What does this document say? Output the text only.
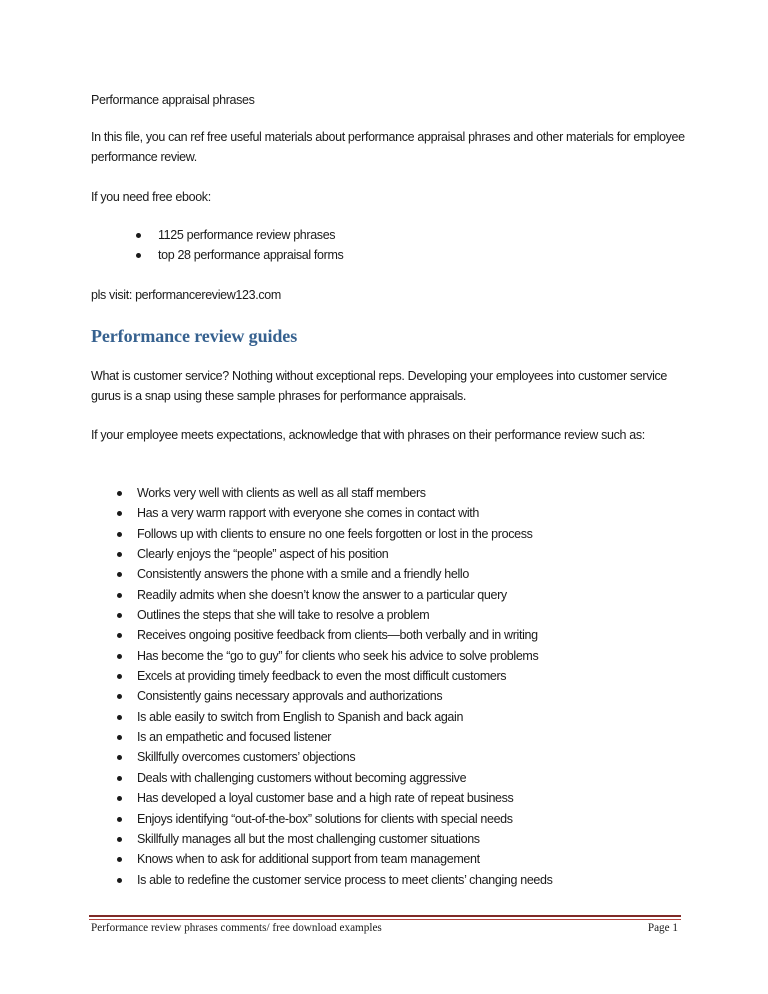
Performance appraisal phrases
In this file, you can ref free useful materials about performance appraisal phrases and other materials for employee performance review.
If you need free ebook:
1125 performance review phrases
top 28 performance appraisal forms
pls visit: performancereview123.com
Performance review guides
What is customer service? Nothing without exceptional reps. Developing your employees into customer service gurus is a snap using these sample phrases for performance appraisals.
If your employee meets expectations, acknowledge that with phrases on their performance review such as:
Works very well with clients as well as all staff members
Has a very warm rapport with everyone she comes in contact with
Follows up with clients to ensure no one feels forgotten or lost in the process
Clearly enjoys the “people” aspect of his position
Consistently answers the phone with a smile and a friendly hello
Readily admits when she doesn’t know the answer to a particular query
Outlines the steps that she will take to resolve a problem
Receives ongoing positive feedback from clients—both verbally and in writing
Has become the “go to guy” for clients who seek his advice to solve problems
Excels at providing timely feedback to even the most difficult customers
Consistently gains necessary approvals and authorizations
Is able easily to switch from English to Spanish and back again
Is an empathetic and focused listener
Skillfully overcomes customers’ objections
Deals with challenging customers without becoming aggressive
Has developed a loyal customer base and a high rate of repeat business
Enjoys identifying “out-of-the-box” solutions for clients with special needs
Skillfully manages all but the most challenging customer situations
Knows when to ask for additional support from team management
Is able to redefine the customer service process to meet clients’ changing needs
Performance review phrases comments/ free download examples	Page 1
